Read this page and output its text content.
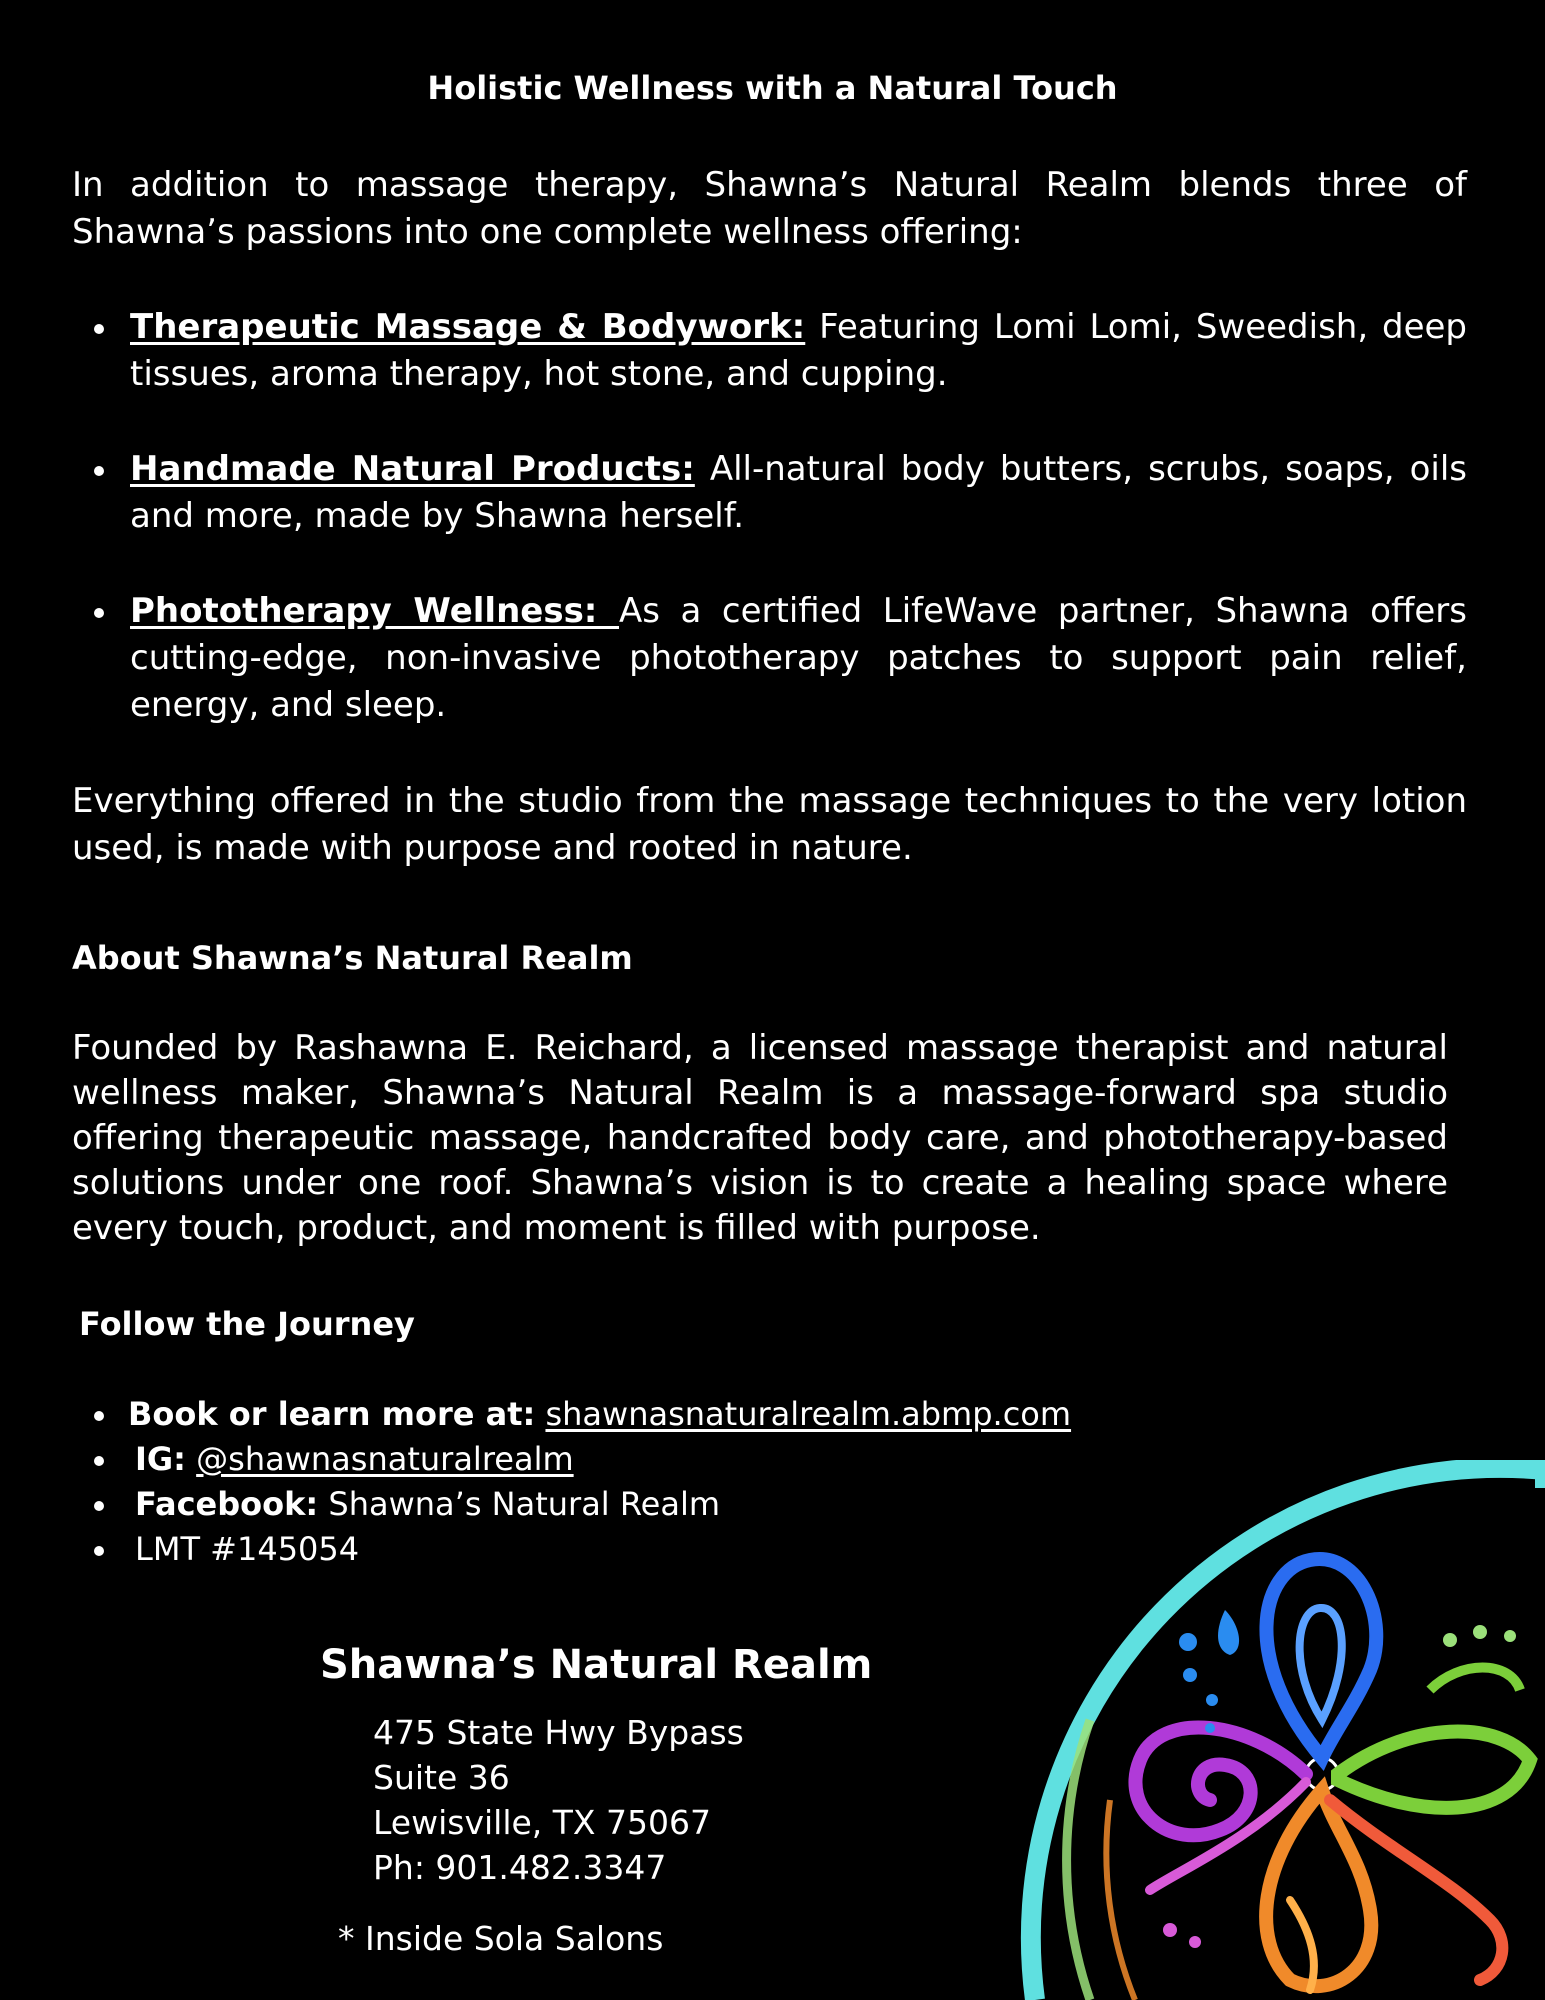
Holistic Wellness with a Natural Touch
In addition to massage therapy, Shawna’s Natural Realm blends three of Shawna’s passions into one complete wellness offering:
Therapeutic Massage & Bodywork: Featuring Lomi Lomi, Sweedish, deep tissues, aroma therapy, hot stone, and cupping.
Handmade Natural Products: All-natural body butters, scrubs, soaps, oils and more, made by Shawna herself.
Phototherapy Wellness: As a certified LifeWave partner, Shawna offers cutting-edge, non-invasive phototherapy patches to support pain relief, energy, and sleep.
Everything offered in the studio from the massage techniques to the very lotion used, is made with purpose and rooted in nature.
About Shawna’s Natural Realm
Founded by Rashawna E. Reichard, a licensed massage therapist and natural wellness maker, Shawna’s Natural Realm is a massage-forward spa studio offering therapeutic massage, handcrafted body care, and phototherapy-based solutions under one roof. Shawna’s vision is to create a healing space where every touch, product, and moment is filled with purpose.
Follow the Journey
Book or learn more at: shawnasnaturalrealm.abmp.com
IG: @shawnasnaturalrealm
Facebook: Shawna’s Natural Realm
LMT #145054
Shawna’s Natural Realm
475 State Hwy Bypass
Suite 36
Lewisville, TX 75067
Ph: 901.482.3347
* Inside Sola Salons
